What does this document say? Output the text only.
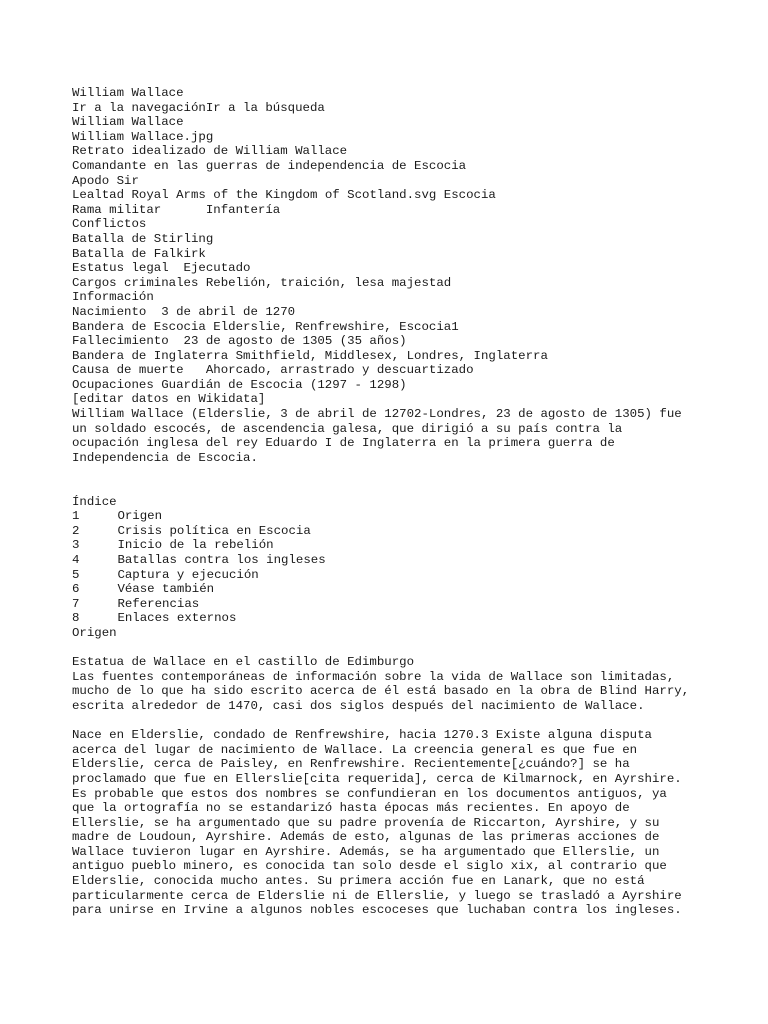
William Wallace
Ir a la navegaciónIr a la búsqueda
William Wallace
William Wallace.jpg
Retrato idealizado de William Wallace
Comandante en las guerras de independencia de Escocia
Apodo Sir
Lealtad	Royal Arms of the Kingdom of Scotland.svg Escocia
Rama militar	Infantería
Conflictos
Batalla de Stirling
Batalla de Falkirk
Estatus legal	Ejecutado
Cargos criminales Rebelión, traición, lesa majestad
Información
Nacimiento	3 de abril de 1270
Bandera de Escocia Elderslie, Renfrewshire, Escocia1
Fallecimiento	23 de agosto de 1305 (35 años)
Bandera de Inglaterra Smithfield, Middlesex, Londres, Inglaterra
Causa de muerte	Ahorcado, arrastrado y descuartizado
Ocupaciones Guardián de Escocia (1297 - 1298)
[editar datos en Wikidata]
William Wallace (Elderslie, 3 de abril de 12702-Londres, 23 de agosto de 1305) fue
un soldado escocés, de ascendencia galesa, que dirigió a su país contra la
ocupación inglesa del rey Eduardo I de Inglaterra en la primera guerra de
Independencia de Escocia.
Índice
1	Origen
2	Crisis política en Escocia
3	Inicio de la rebelión
4	Batallas contra los ingleses
5	Captura y ejecución
6	Véase también
7	Referencias
8	Enlaces externos
Origen
Estatua de Wallace en el castillo de Edimburgo
Las fuentes contemporáneas de información sobre la vida de Wallace son limitadas,
mucho de lo que ha sido escrito acerca de él está basado en la obra de Blind Harry,
escrita alrededor de 1470, casi dos siglos después del nacimiento de Wallace.
Nace en Elderslie, condado de Renfrewshire, hacia 1270.3 Existe alguna disputa
acerca del lugar de nacimiento de Wallace. La creencia general es que fue en
Elderslie, cerca de Paisley, en Renfrewshire. Recientemente[¿cuándo?] se ha
proclamado que fue en Ellerslie[cita requerida], cerca de Kilmarnock, en Ayrshire.
Es probable que estos dos nombres se confundieran en los documentos antiguos, ya
que la ortografía no se estandarizó hasta épocas más recientes. En apoyo de
Ellerslie, se ha argumentado que su padre provenía de Riccarton, Ayrshire, y su
madre de Loudoun, Ayrshire. Además de esto, algunas de las primeras acciones de
Wallace tuvieron lugar en Ayrshire. Además, se ha argumentado que Ellerslie, un
antiguo pueblo minero, es conocida tan solo desde el siglo xix, al contrario que
Elderslie, conocida mucho antes. Su primera acción fue en Lanark, que no está
particularmente cerca de Elderslie ni de Ellerslie, y luego se trasladó a Ayrshire
para unirse en Irvine a algunos nobles escoceses que luchaban contra los ingleses.
